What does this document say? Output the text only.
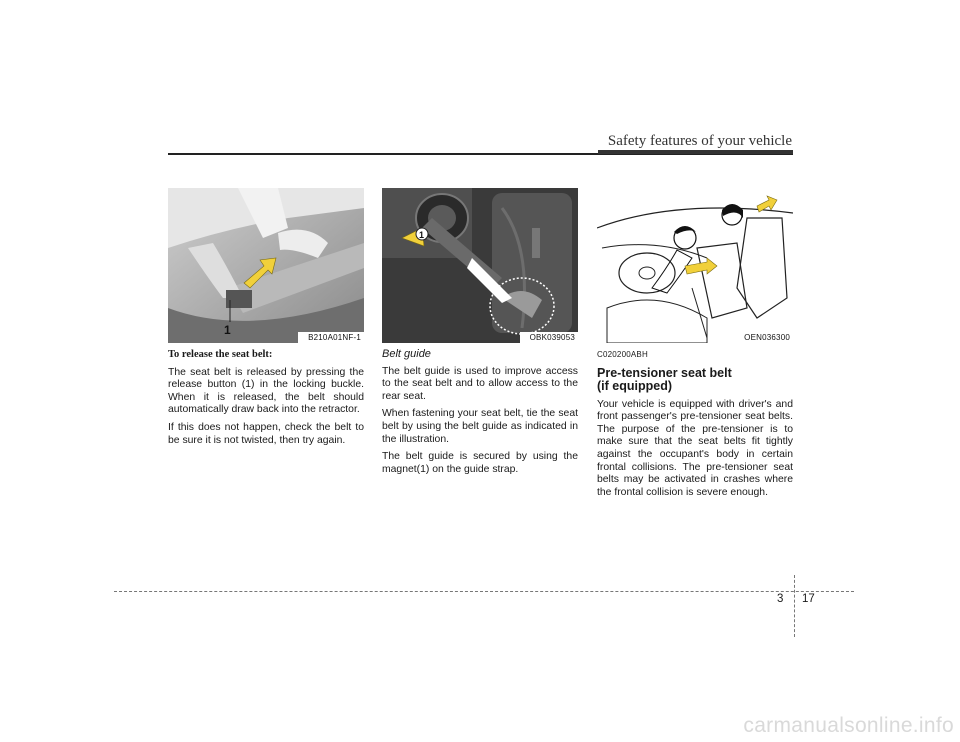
Safety features of your vehicle
1
B210A01NF-1
1
OBK039053	OEN036300

To release the seat belt:

The seat belt is released by pressing the release button (1) in the locking buckle. When it is released, the belt should automatically draw back into the retractor.

If this does not happen, check the belt to be sure it is not twisted, then try again.

Belt guide

The belt guide is used to improve access to the seat belt and to allow access to the rear seat.

When fastening your seat belt, tie the seat belt by using the belt guide as indicated in the illustration.

The belt guide is secured by using the magnet(1) on the guide strap.

C020200ABH

Pre-tensioner seat belt
(if equipped)

Your vehicle is equipped with driver's and front passenger's pre-tensioner seat belts. The purpose of the pre-tensioner is to make sure that the seat belts fit tightly against the occupant's body in certain frontal collisions. The pre-tensioner seat belts may be activated in crashes where the frontal collision is severe enough.

3 17
carmanualsonline.info
